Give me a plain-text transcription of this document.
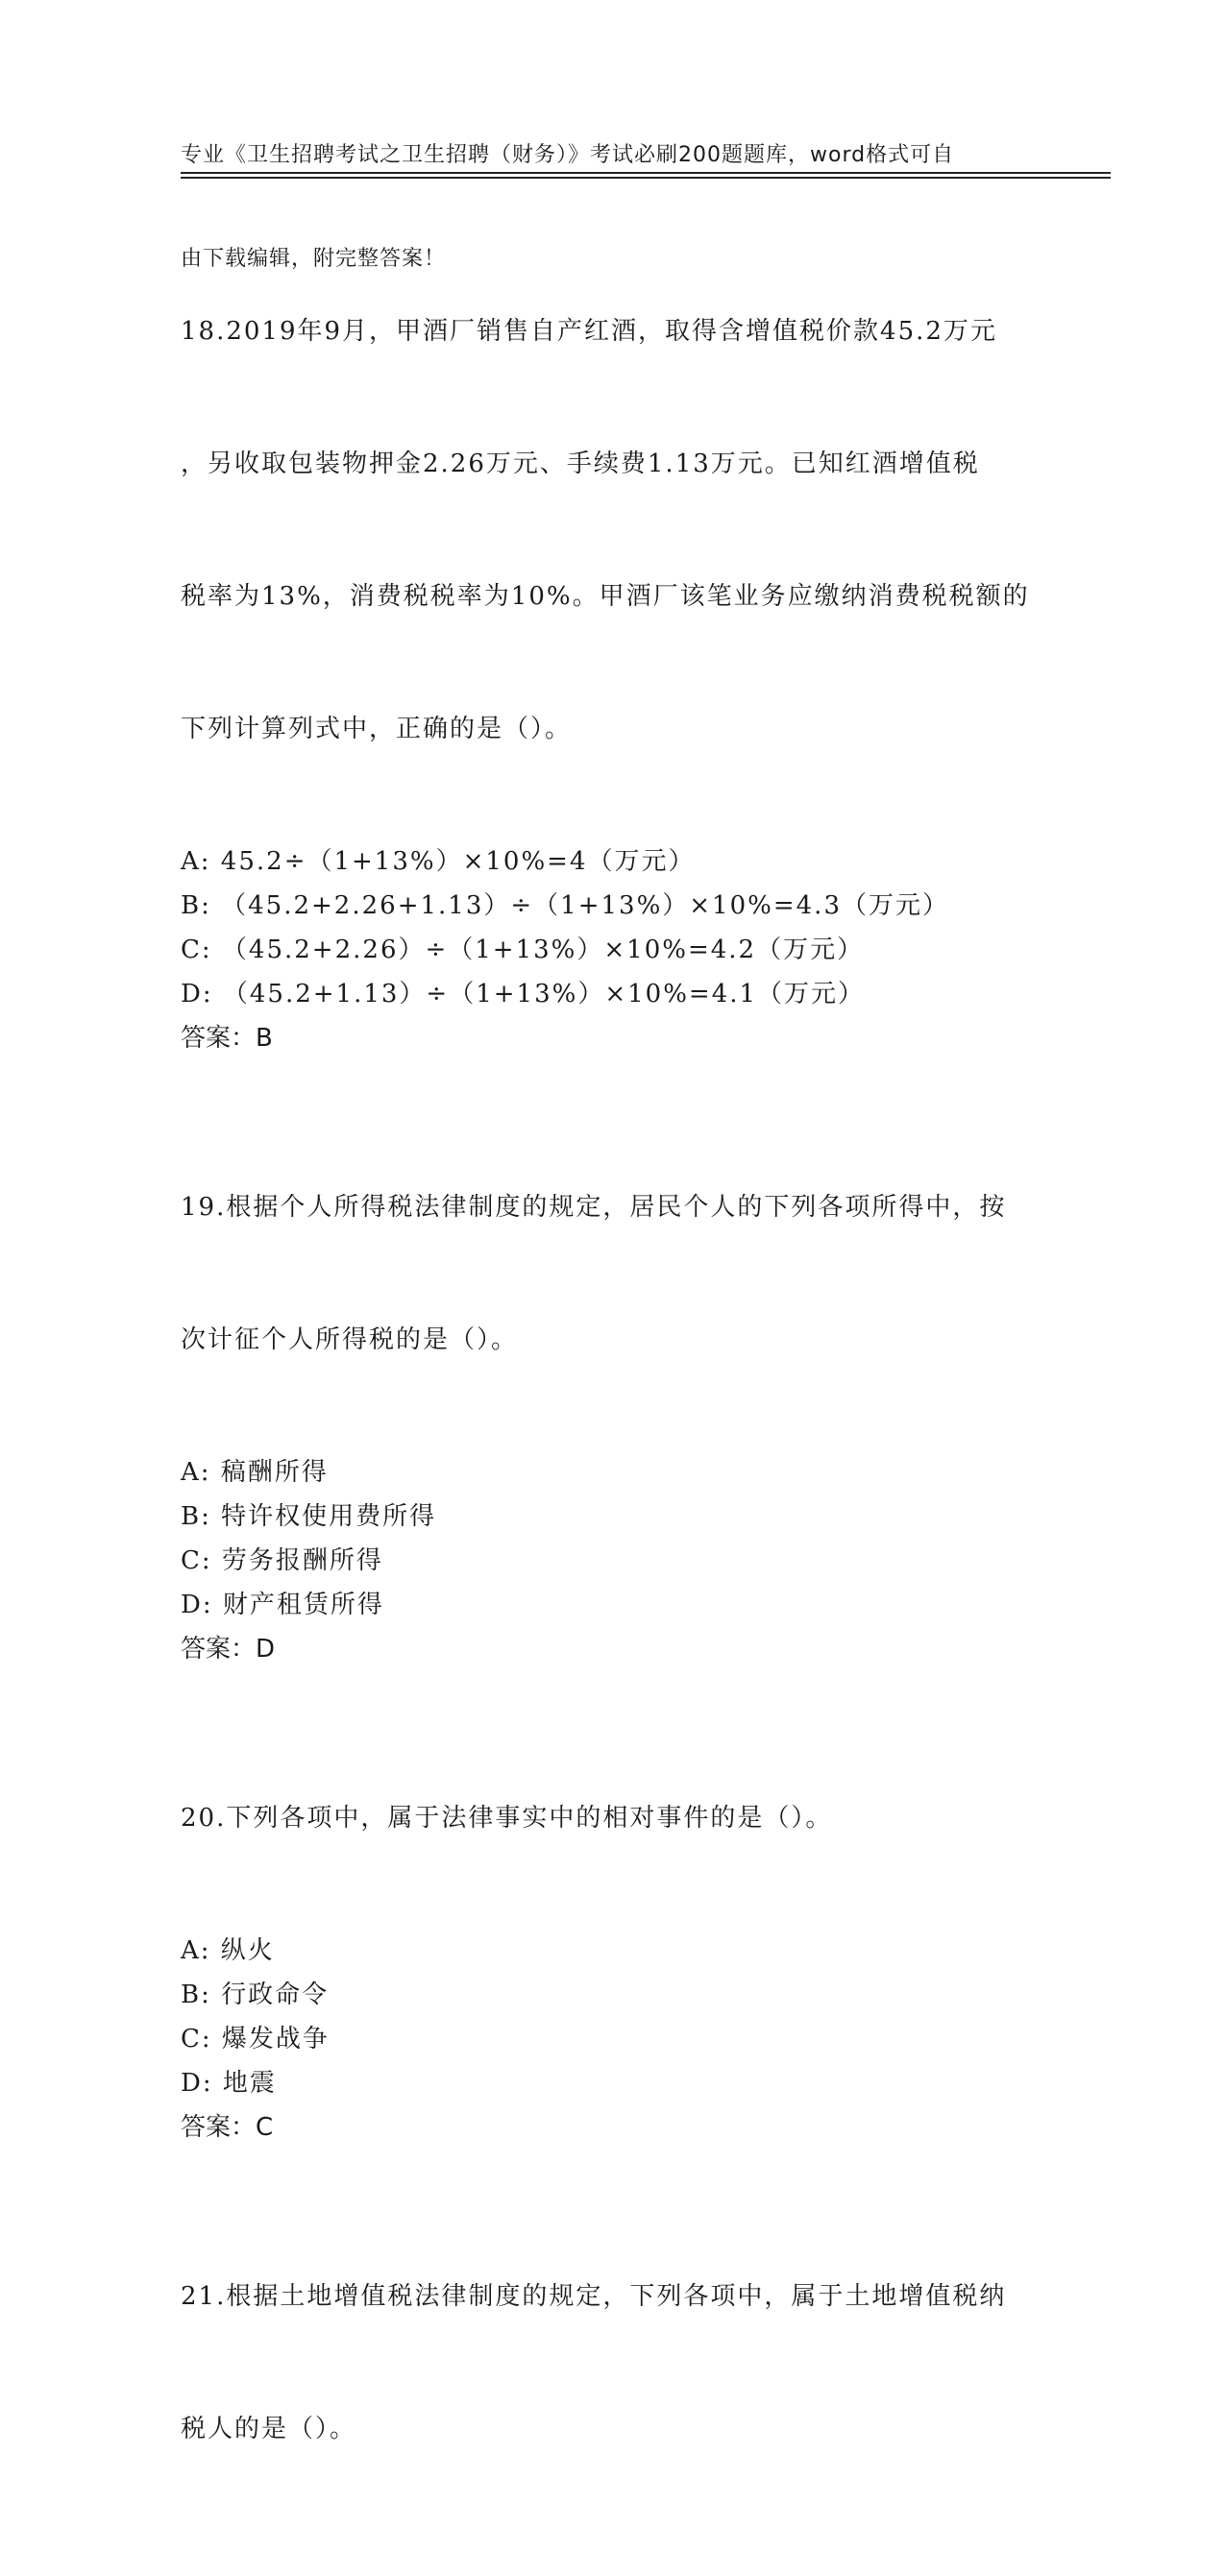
专业《卫生招聘考试之卫生招聘（财务）》考试必刷200题题库，word格式可自

由下载编辑，附完整答案！

18.2019年9月，甲酒厂销售自产红酒，取得含增值税价款45.2万元

，另收取包装物押金2.26万元、手续费1.13万元。已知红酒增值税

税率为13%，消费税税率为10%。甲酒厂该笔业务应缴纳消费税税额的

下列计算列式中，正确的是（）。

A: 45.2÷（1+13%）×10%=4（万元）
B: （45.2+2.26+1.13）÷（1+13%）×10%=4.3（万元）
C: （45.2+2.26）÷（1+13%）×10%=4.2（万元）
D: （45.2+1.13）÷（1+13%）×10%=4.1（万元）
答案：B

19.根据个人所得税法律制度的规定，居民个人的下列各项所得中，按

次计征个人所得税的是（）。

A: 稿酬所得
B: 特许权使用费所得
C: 劳务报酬所得
D: 财产租赁所得
答案：D

20.下列各项中，属于法律事实中的相对事件的是（）。

A: 纵火
B: 行政命令
C: 爆发战争
D: 地震
答案：C

21.根据土地增值税法律制度的规定，下列各项中，属于土地增值税纳

税人的是（）。
